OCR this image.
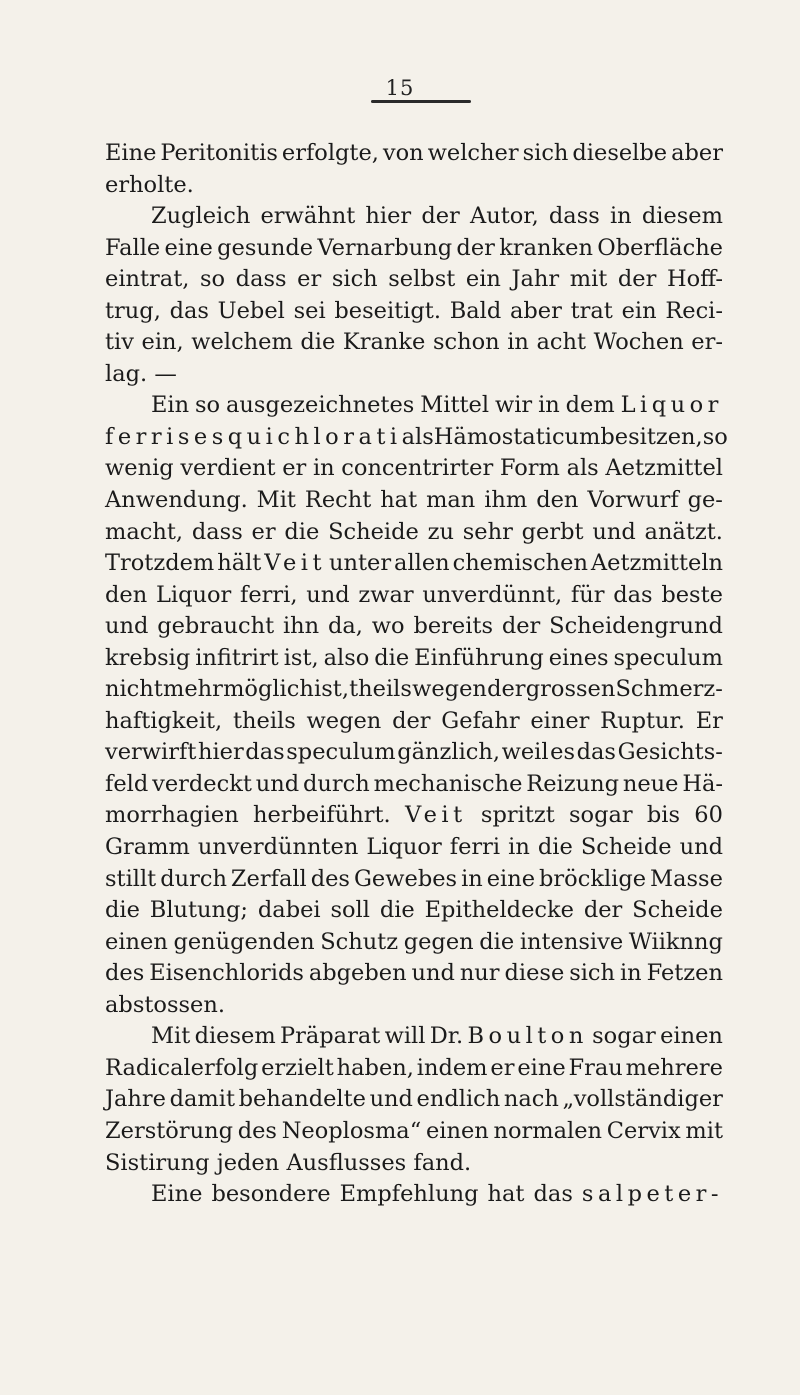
15
Eine Peritonitis erfolgte, von welcher sich dieselbe aber
erholte.
Zugleich erwähnt hier der Autor, dass in diesem
Falle eine gesunde Vernarbung der kranken Oberfläche
eintrat, so dass er sich selbst ein Jahr mit der Hoff-
trug, das Uebel sei beseitigt. Bald aber trat ein Reci-
tiv ein, welchem die Kranke schon in acht Wochen er-
lag. —
Ein so ausgezeichnetes Mittel wir in dem Liquor
ferri sesqui chlorati als Hämostaticum besitzen, so
wenig verdient er in concentrirter Form als Aetzmittel
Anwendung. Mit Recht hat man ihm den Vorwurf ge-
macht, dass er die Scheide zu sehr gerbt und anätzt.
Trotzdem hält Veit unter allen chemischen Aetzmitteln
den Liquor ferri, und zwar unverdünnt, für das beste
und gebraucht ihn da, wo bereits der Scheidengrund
krebsig infitrirt ist, also die Einführung eines speculum
nicht mehr möglich ist, theils wegen der grossen Schmerz-
haftigkeit, theils wegen der Gefahr einer Ruptur. Er
verwirft hier das speculum gänzlich, weil es das Gesichts-
feld verdeckt und durch mechanische Reizung neue Hä-
morrhagien herbeiführt. Veit spritzt sogar bis 60
Gramm unverdünnten Liquor ferri in die Scheide und
stillt durch Zerfall des Gewebes in eine bröcklige Masse
die Blutung; dabei soll die Epitheldecke der Scheide
einen genügenden Schutz gegen die intensive Wiiknng
des Eisenchlorids abgeben und nur diese sich in Fetzen
abstossen.
Mit diesem Präparat will Dr. Boulton sogar einen
Radicalerfolg erzielt haben, indem er eine Frau mehrere
Jahre damit behandelte und endlich nach „vollständiger
Zerstörung des Neoplosma“ einen normalen Cervix mit
Sistirung jeden Ausflusses fand.
Eine besondere Empfehlung hat das salpeter-
